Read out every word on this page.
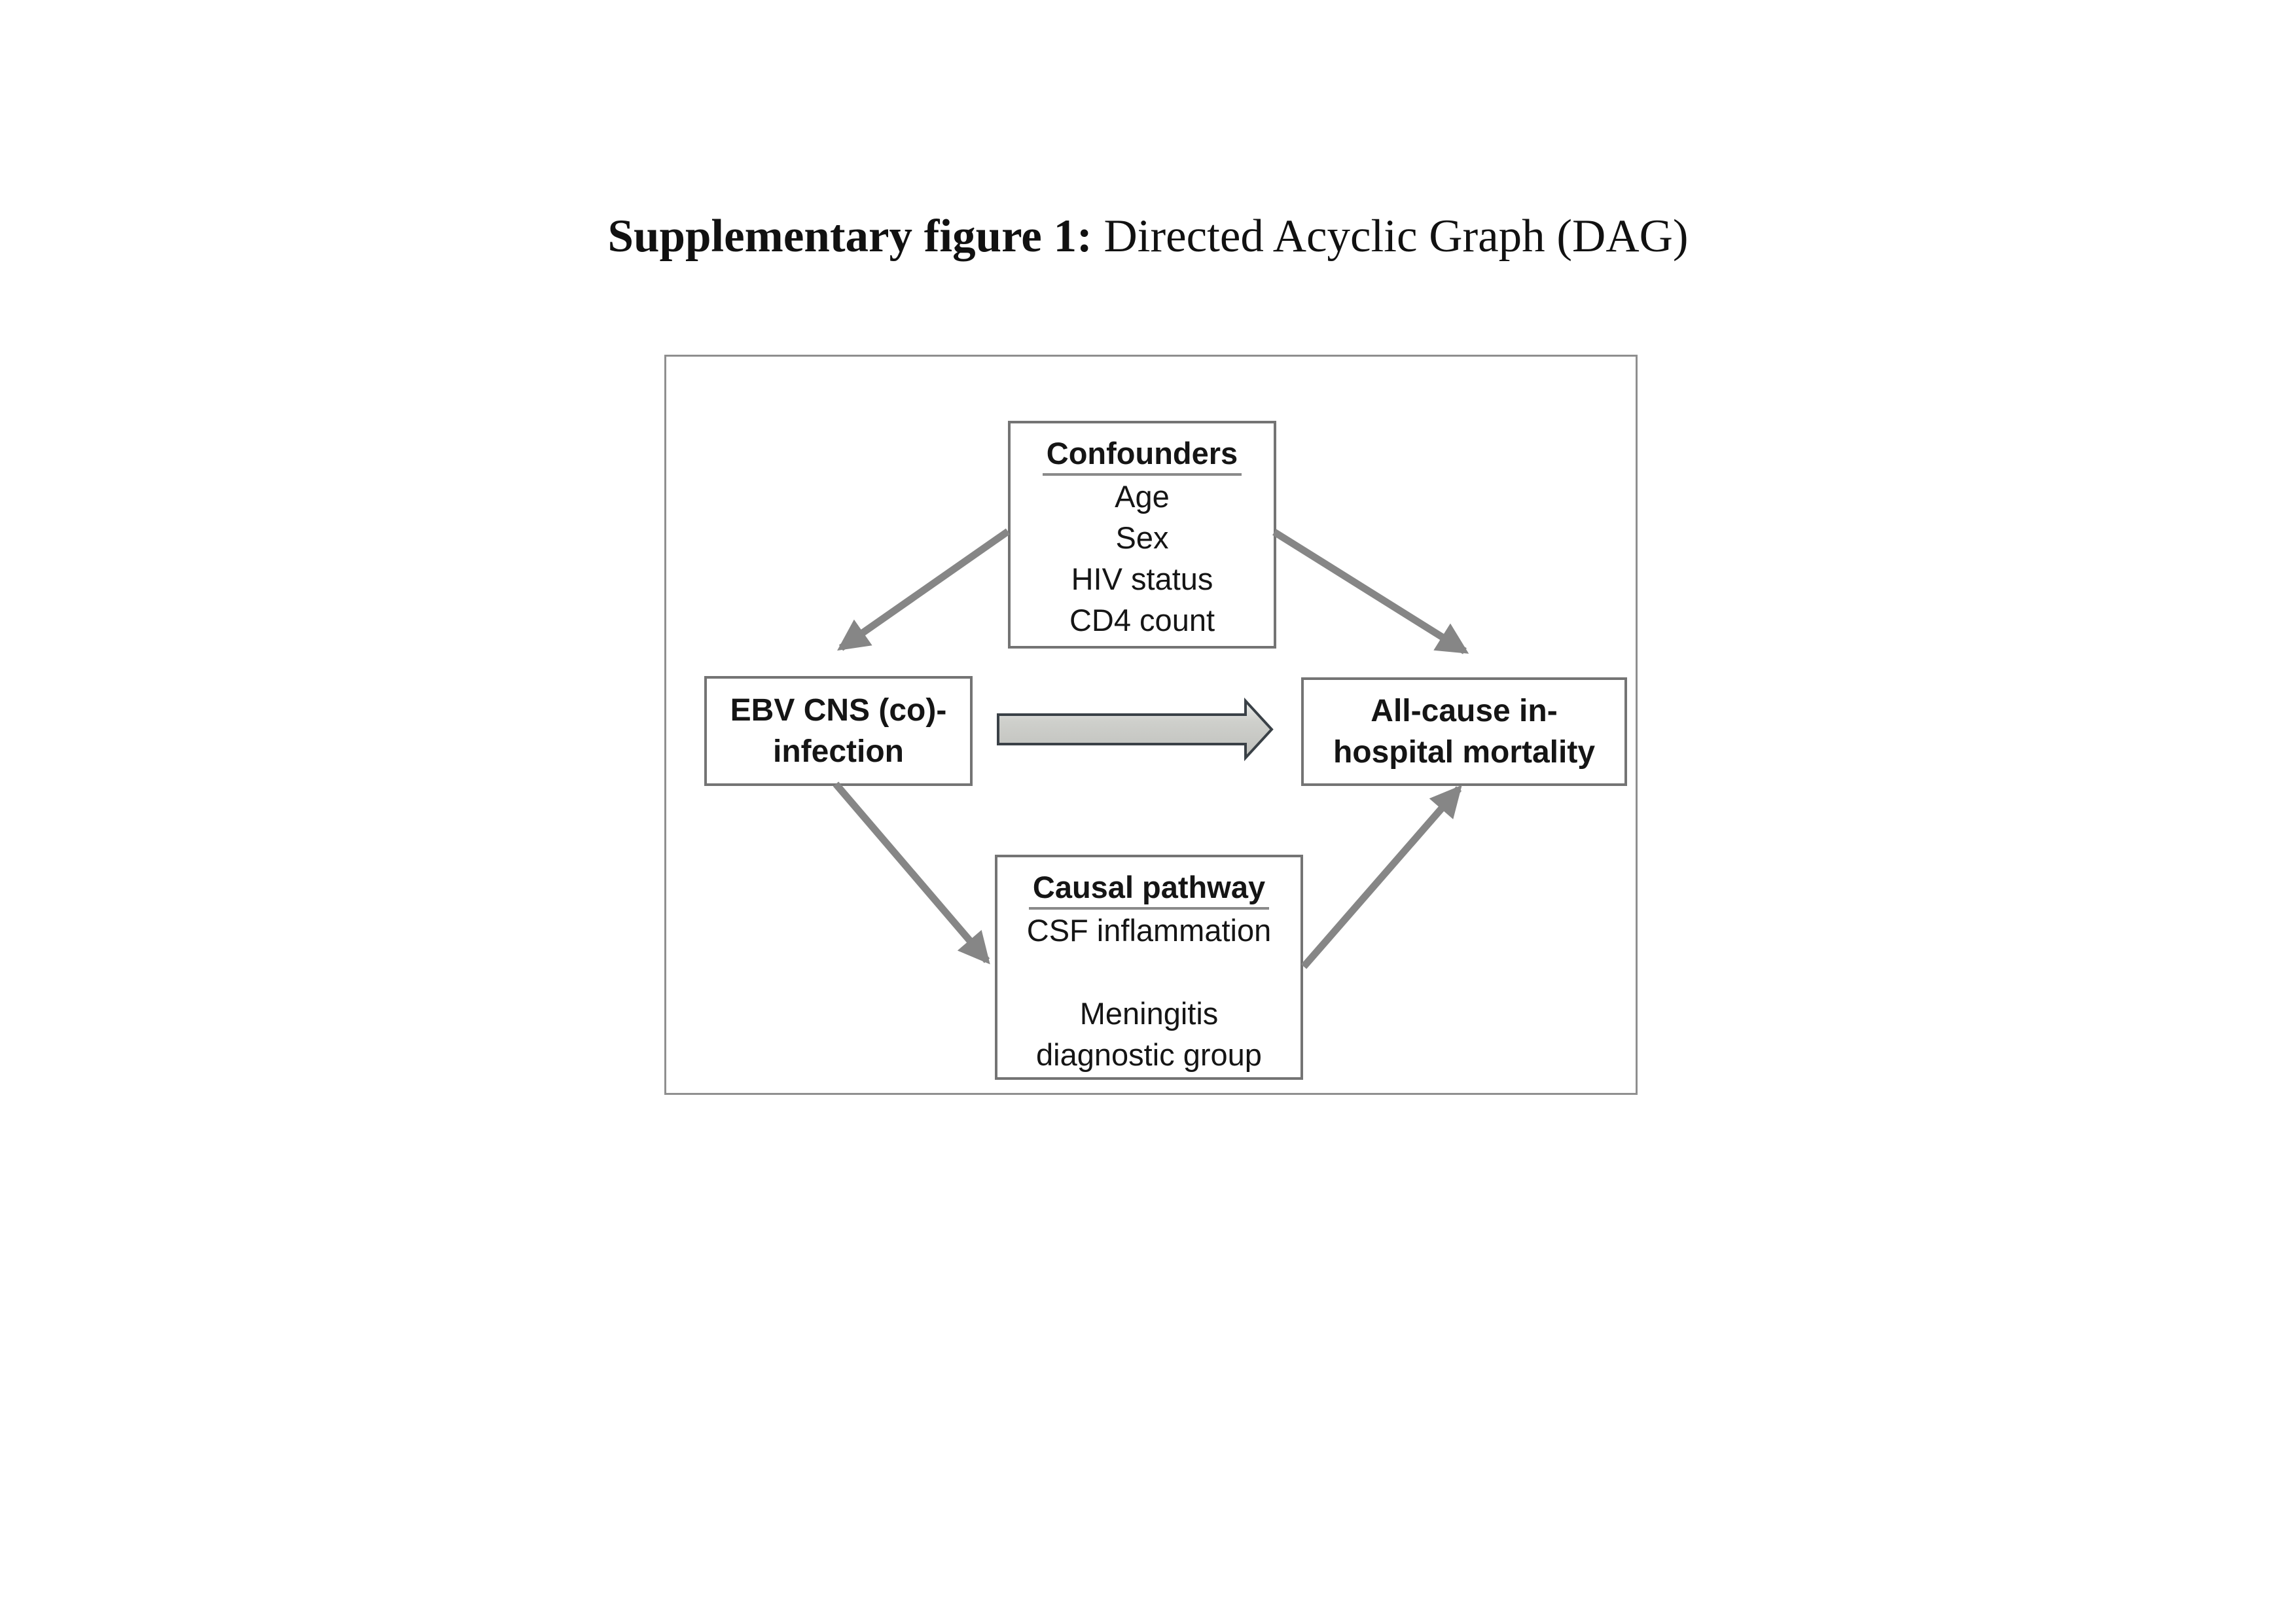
Supplementary figure 1: Directed Acyclic Graph (DAG)
Confounders
Age
Sex
HIV status
CD4 count
EBV CNS (co)-
infection
All-cause in-
hospital mortality
Causal pathway
CSF inflammation
Meningitis
diagnostic group
